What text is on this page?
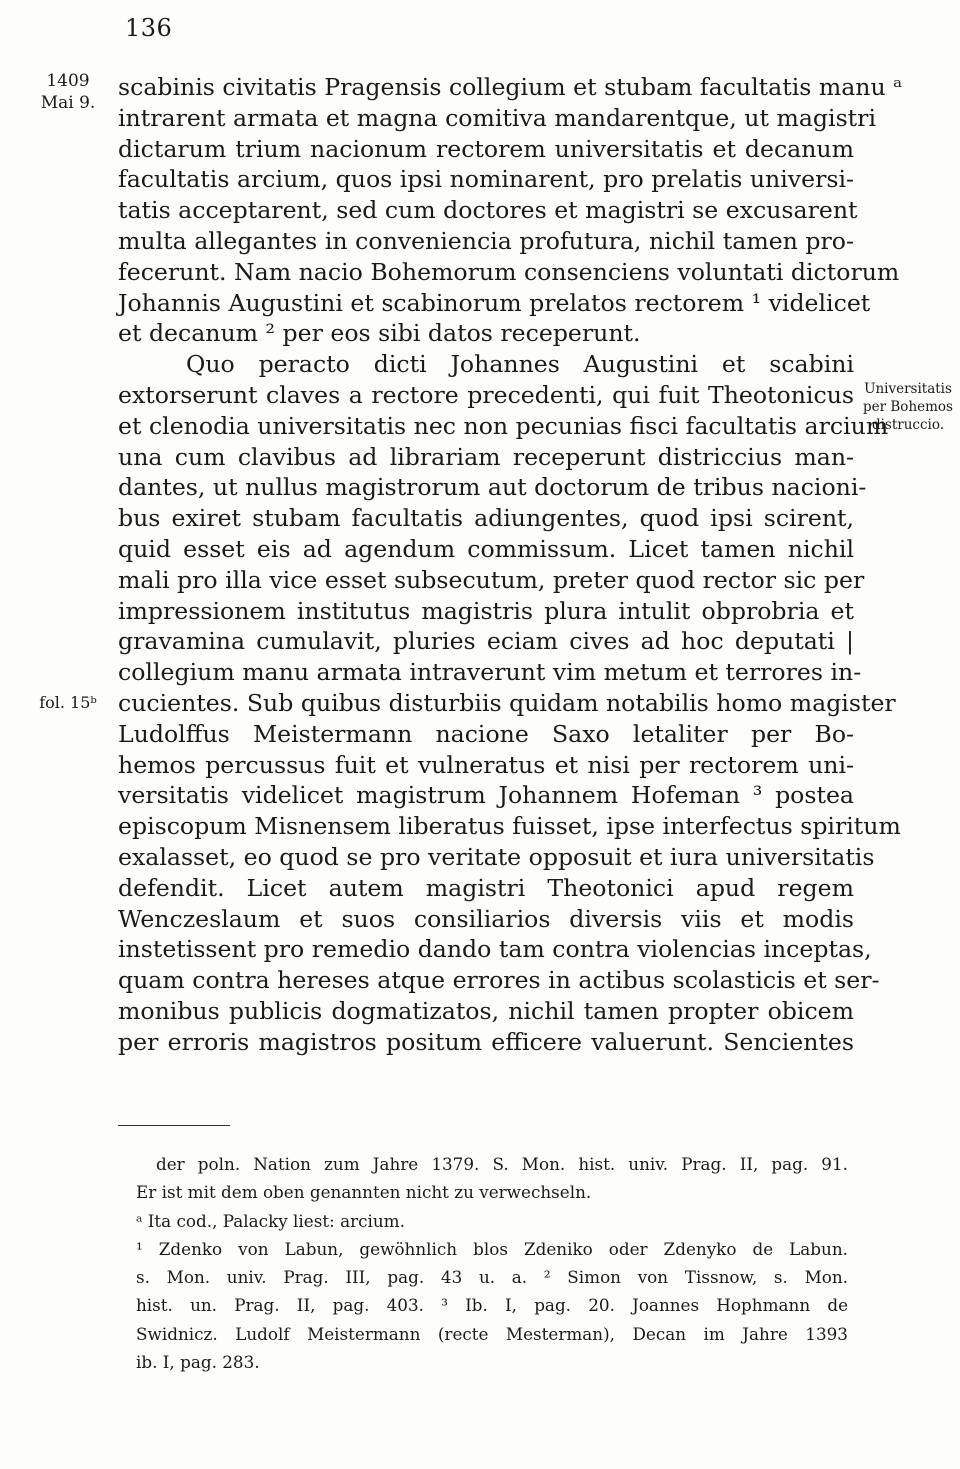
136
1409
Mai 9.
fol. 15ᵇ
Universitatis
per Bohemos
distruccio.
scabinis civitatis Pragensis collegium et stubam facultatis manu ᵃ
intrarent armata et magna comitiva mandarentque, ut magistri
dictarum trium nacionum rectorem universitatis et decanum
facultatis arcium, quos ipsi nominarent, pro prelatis universi-
tatis acceptarent, sed cum doctores et magistri se excusarent
multa allegantes in conveniencia profutura, nichil tamen pro-
fecerunt. Nam nacio Bohemorum consenciens voluntati dictorum
Johannis Augustini et scabinorum prelatos rectorem ¹ videlicet
et decanum ² per eos sibi datos receperunt.
Quo peracto dicti Johannes Augustini et scabini
extorserunt claves a rectore precedenti, qui fuit Theotonicus
et clenodia universitatis nec non pecunias fisci facultatis arcium
una cum clavibus ad librariam receperunt districcius man-
dantes, ut nullus magistrorum aut doctorum de tribus nacioni-
bus exiret stubam facultatis adiungentes, quod ipsi scirent,
quid esset eis ad agendum commissum. Licet tamen nichil
mali pro illa vice esset subsecutum, preter quod rector sic per
impressionem institutus magistris plura intulit obprobria et
gravamina cumulavit, pluries eciam cives ad hoc deputati |
collegium manu armata intraverunt vim metum et terrores in-
cucientes. Sub quibus disturbiis quidam notabilis homo magister
Ludolffus Meistermann nacione Saxo letaliter per Bo-
hemos percussus fuit et vulneratus et nisi per rectorem uni-
versitatis videlicet magistrum Johannem Hofeman ³ postea
episcopum Misnensem liberatus fuisset, ipse interfectus spiritum
exalasset, eo quod se pro veritate opposuit et iura universitatis
defendit. Licet autem magistri Theotonici apud regem
Wenczeslaum et suos consiliarios diversis viis et modis
instetissent pro remedio dando tam contra violencias inceptas,
quam contra hereses atque errores in actibus scolasticis et ser-
monibus publicis dogmatizatos, nichil tamen propter obicem
per erroris magistros positum efficere valuerunt. Sencientes
der poln. Nation zum Jahre 1379. S. Mon. hist. univ. Prag. II, pag. 91.
Er ist mit dem oben genannten nicht zu verwechseln.
ᵃ Ita cod., Palacky liest: arcium.
¹ Zdenko von Labun, gewöhnlich blos Zdeniko oder Zdenyko de Labun.
s. Mon. univ. Prag. III, pag. 43 u. a. ² Simon von Tissnow, s. Mon.
hist. un. Prag. II, pag. 403. ³ Ib. I, pag. 20. Joannes Hophmann de
Swidnicz. Ludolf Meistermann (recte Mesterman), Decan im Jahre 1393
ib. I, pag. 283.
